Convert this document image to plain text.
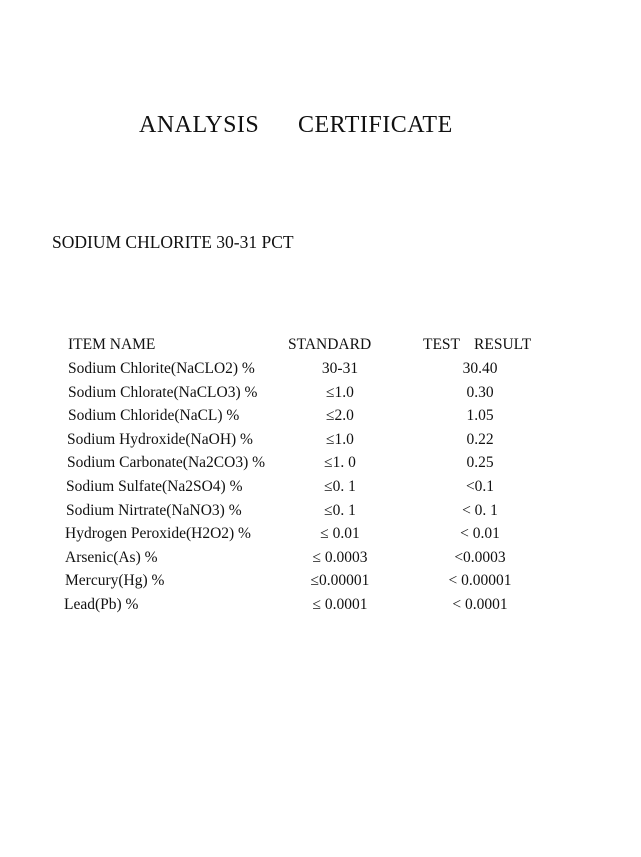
ANALYSIS CERTIFICATE
SODIUM CHLORITE 30-31 PCT
ITEM NAME	STANDARD	TEST RESULT
Sodium Chlorite(NaCLO2) %	30-31	30.40
Sodium Chlorate(NaCLO3) %	≤1.0	0.30
Sodium Chloride(NaCL) %	≤2.0	1.05
Sodium Hydroxide(NaOH) %	≤1.0	0.22
Sodium Carbonate(Na2CO3) %	≤1. 0	0.25
Sodium Sulfate(Na2SO4) %	≤0. 1	<0.1
Sodium Nirtrate(NaNO3) %	≤0. 1	< 0. 1
Hydrogen Peroxide(H2O2) %	≤ 0.01	< 0.01
Arsenic(As) %	≤ 0.0003	<0.0003
Mercury(Hg) %	≤0.00001	< 0.00001
Lead(Pb) %	≤ 0.0001	< 0.0001
